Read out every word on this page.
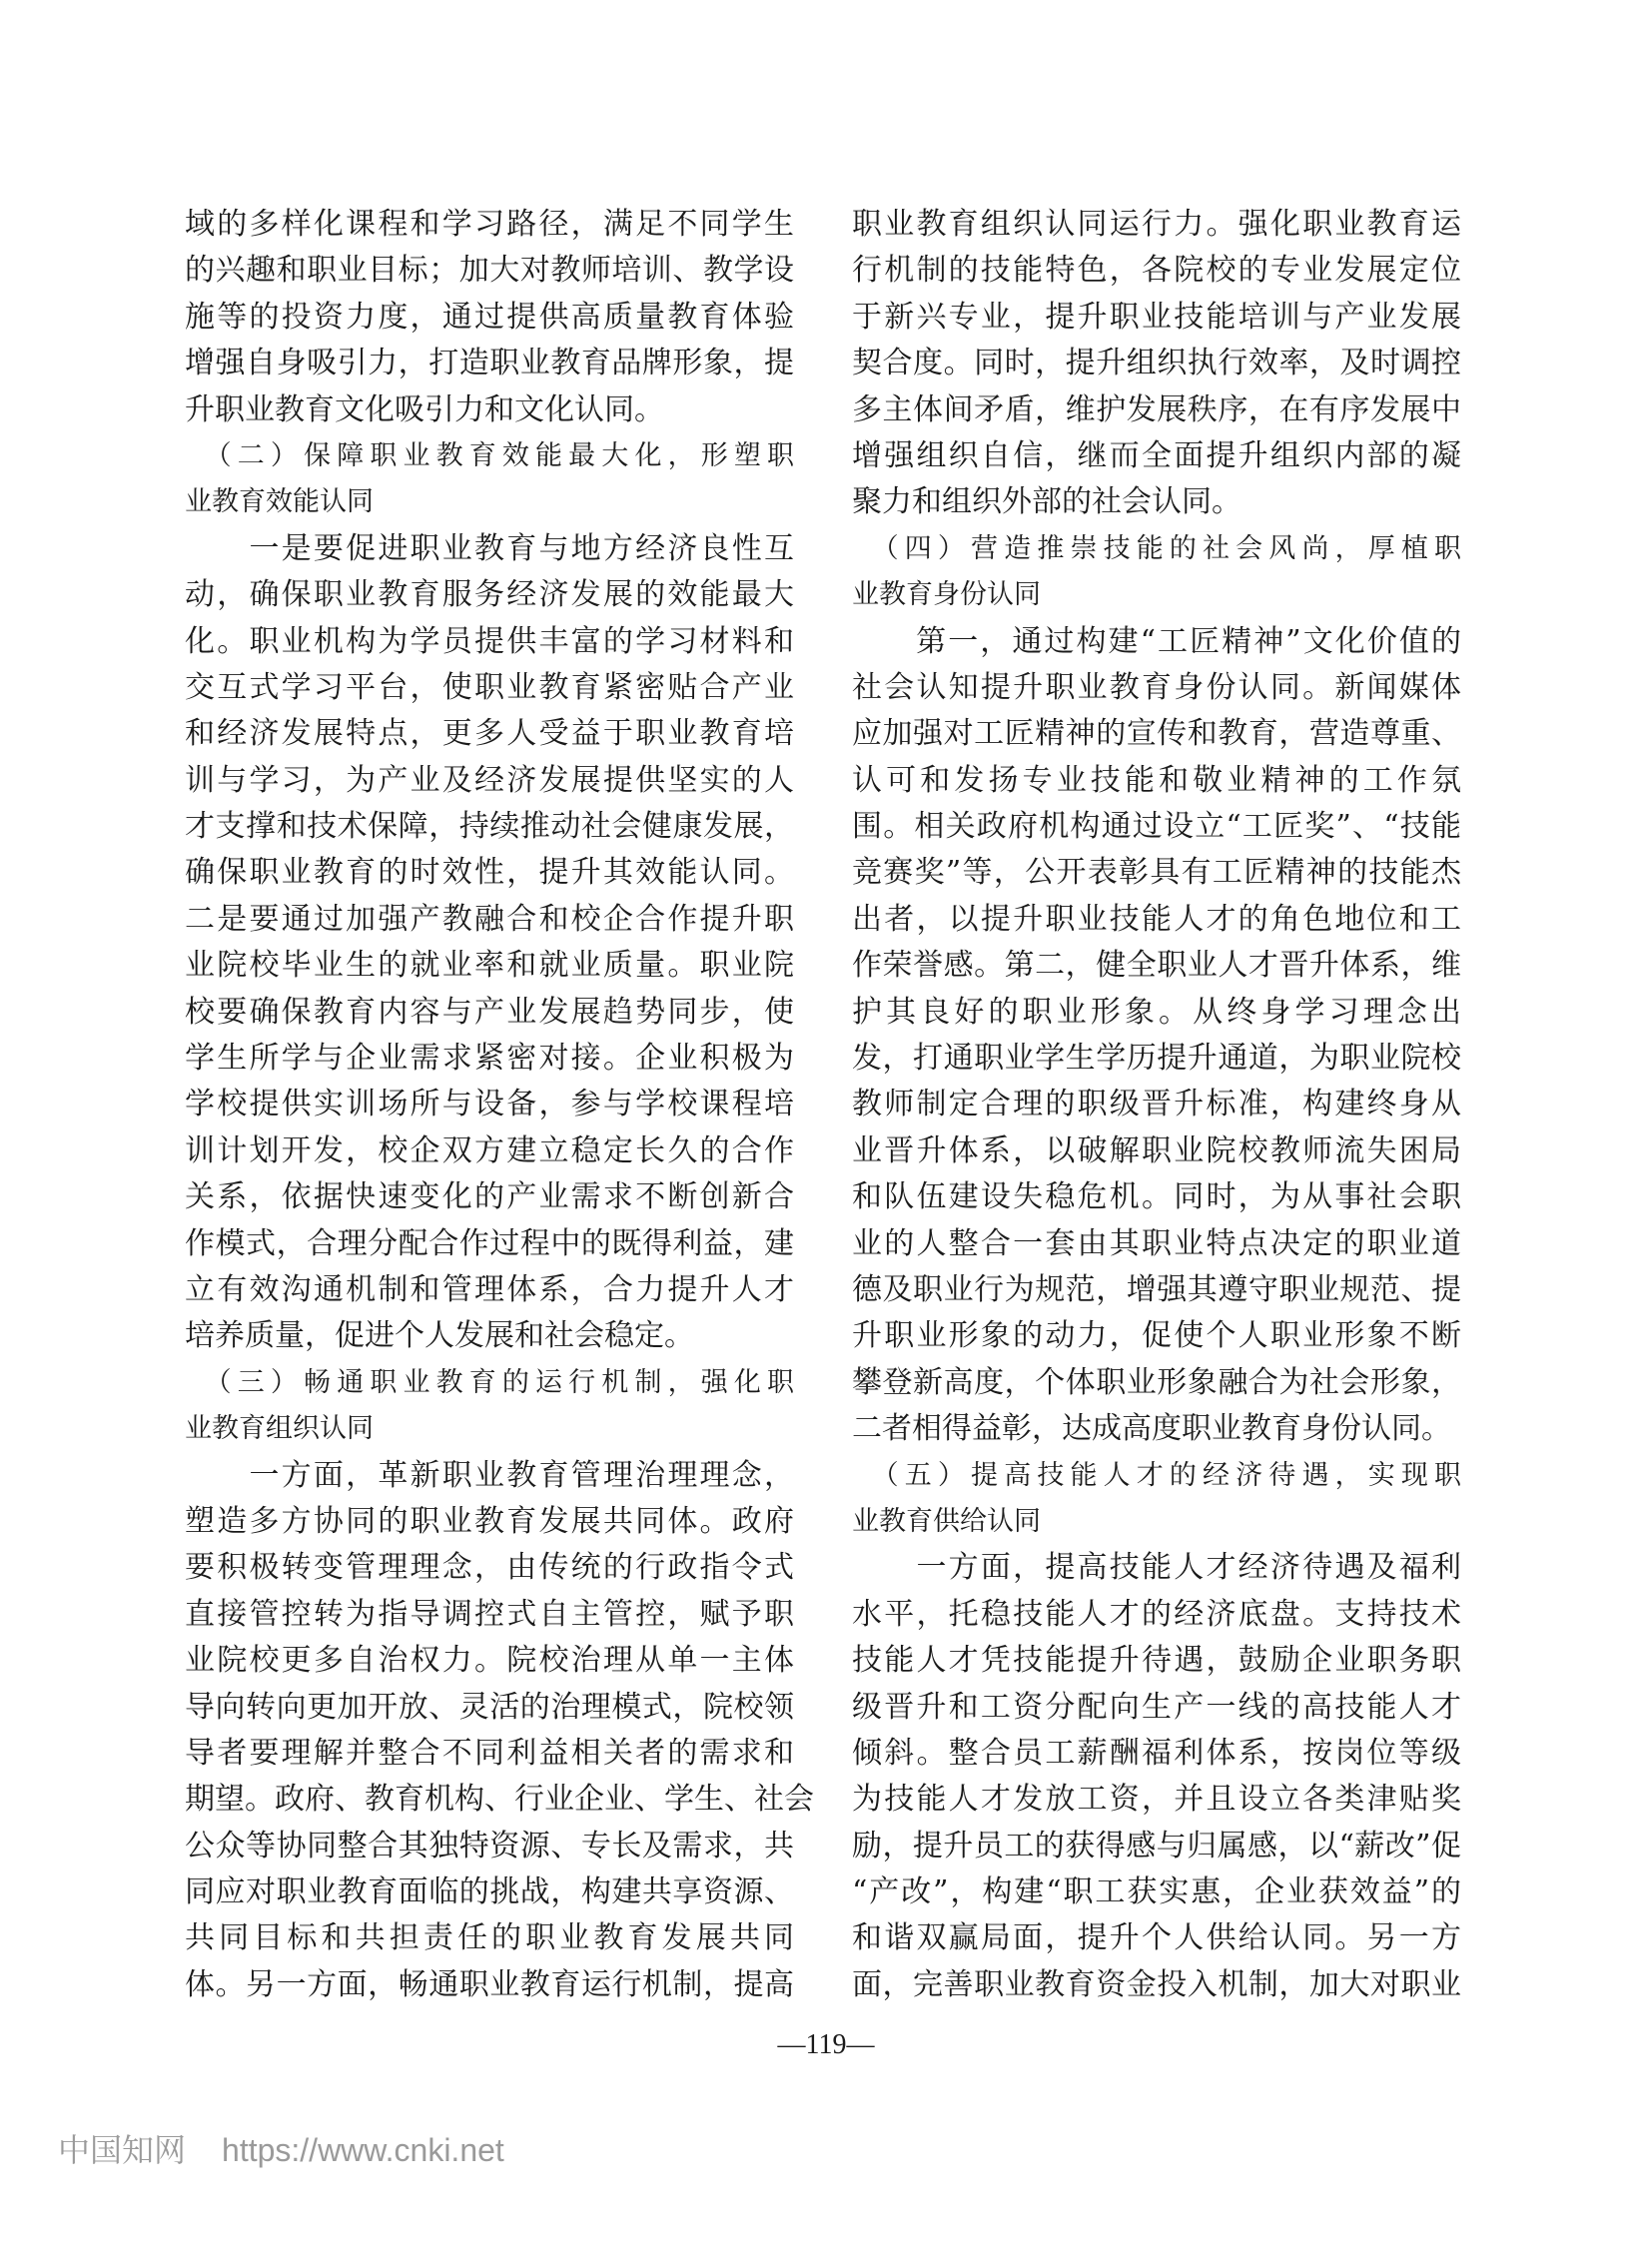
域的多样化课程和学习路径，满足不同学生
的兴趣和职业目标；加大对教师培训、教学设
施等的投资力度，通过提供高质量教育体验
增强自身吸引力，打造职业教育品牌形象，提
升职业教育文化吸引力和文化认同。
　（二）保障职业教育效能最大化，形塑职
业教育效能认同
　　一是要促进职业教育与地方经济良性互
动，确保职业教育服务经济发展的效能最大
化。职业机构为学员提供丰富的学习材料和
交互式学习平台，使职业教育紧密贴合产业
和经济发展特点，更多人受益于职业教育培
训与学习，为产业及经济发展提供坚实的人
才支撑和技术保障，持续推动社会健康发展，
确保职业教育的时效性，提升其效能认同。
二是要通过加强产教融合和校企合作提升职
业院校毕业生的就业率和就业质量。职业院
校要确保教育内容与产业发展趋势同步，使
学生所学与企业需求紧密对接。企业积极为
学校提供实训场所与设备，参与学校课程培
训计划开发，校企双方建立稳定长久的合作
关系，依据快速变化的产业需求不断创新合
作模式，合理分配合作过程中的既得利益，建
立有效沟通机制和管理体系，合力提升人才
培养质量，促进个人发展和社会稳定。
　（三）畅通职业教育的运行机制，强化职
业教育组织认同
　　一方面，革新职业教育管理治理理念，
塑造多方协同的职业教育发展共同体。政府
要积极转变管理理念，由传统的行政指令式
直接管控转为指导调控式自主管控，赋予职
业院校更多自治权力。院校治理从单一主体
导向转向更加开放、灵活的治理模式，院校领
导者要理解并整合不同利益相关者的需求和
期望。政府、教育机构、行业企业、学生、社会
公众等协同整合其独特资源、专长及需求，共
同应对职业教育面临的挑战，构建共享资源、
共同目标和共担责任的职业教育发展共同
体。另一方面，畅通职业教育运行机制，提高
职业教育组织认同运行力。强化职业教育运
行机制的技能特色，各院校的专业发展定位
于新兴专业，提升职业技能培训与产业发展
契合度。同时，提升组织执行效率，及时调控
多主体间矛盾，维护发展秩序，在有序发展中
增强组织自信，继而全面提升组织内部的凝
聚力和组织外部的社会认同。
　（四）营造推崇技能的社会风尚，厚植职
业教育身份认同
　　第一，通过构建“工匠精神”文化价值的
社会认知提升职业教育身份认同。新闻媒体
应加强对工匠精神的宣传和教育，营造尊重、
认可和发扬专业技能和敬业精神的工作氛
围。相关政府机构通过设立“工匠奖”、“技能
竞赛奖”等，公开表彰具有工匠精神的技能杰
出者，以提升职业技能人才的角色地位和工
作荣誉感。第二，健全职业人才晋升体系，维
护其良好的职业形象。从终身学习理念出
发，打通职业学生学历提升通道，为职业院校
教师制定合理的职级晋升标准，构建终身从
业晋升体系，以破解职业院校教师流失困局
和队伍建设失稳危机。同时，为从事社会职
业的人整合一套由其职业特点决定的职业道
德及职业行为规范，增强其遵守职业规范、提
升职业形象的动力，促使个人职业形象不断
攀登新高度，个体职业形象融合为社会形象，
二者相得益彰，达成高度职业教育身份认同。
　（五）提高技能人才的经济待遇，实现职
业教育供给认同
　　一方面，提高技能人才经济待遇及福利
水平，托稳技能人才的经济底盘。支持技术
技能人才凭技能提升待遇，鼓励企业职务职
级晋升和工资分配向生产一线的高技能人才
倾斜。整合员工薪酬福利体系，按岗位等级
为技能人才发放工资，并且设立各类津贴奖
励，提升员工的获得感与归属感，以“薪改”促
“产改”，构建“职工获实惠，企业获效益”的
和谐双赢局面，提升个人供给认同。另一方
面，完善职业教育资金投入机制，加大对职业
—119—
中国知网 https://www.cnki.net
